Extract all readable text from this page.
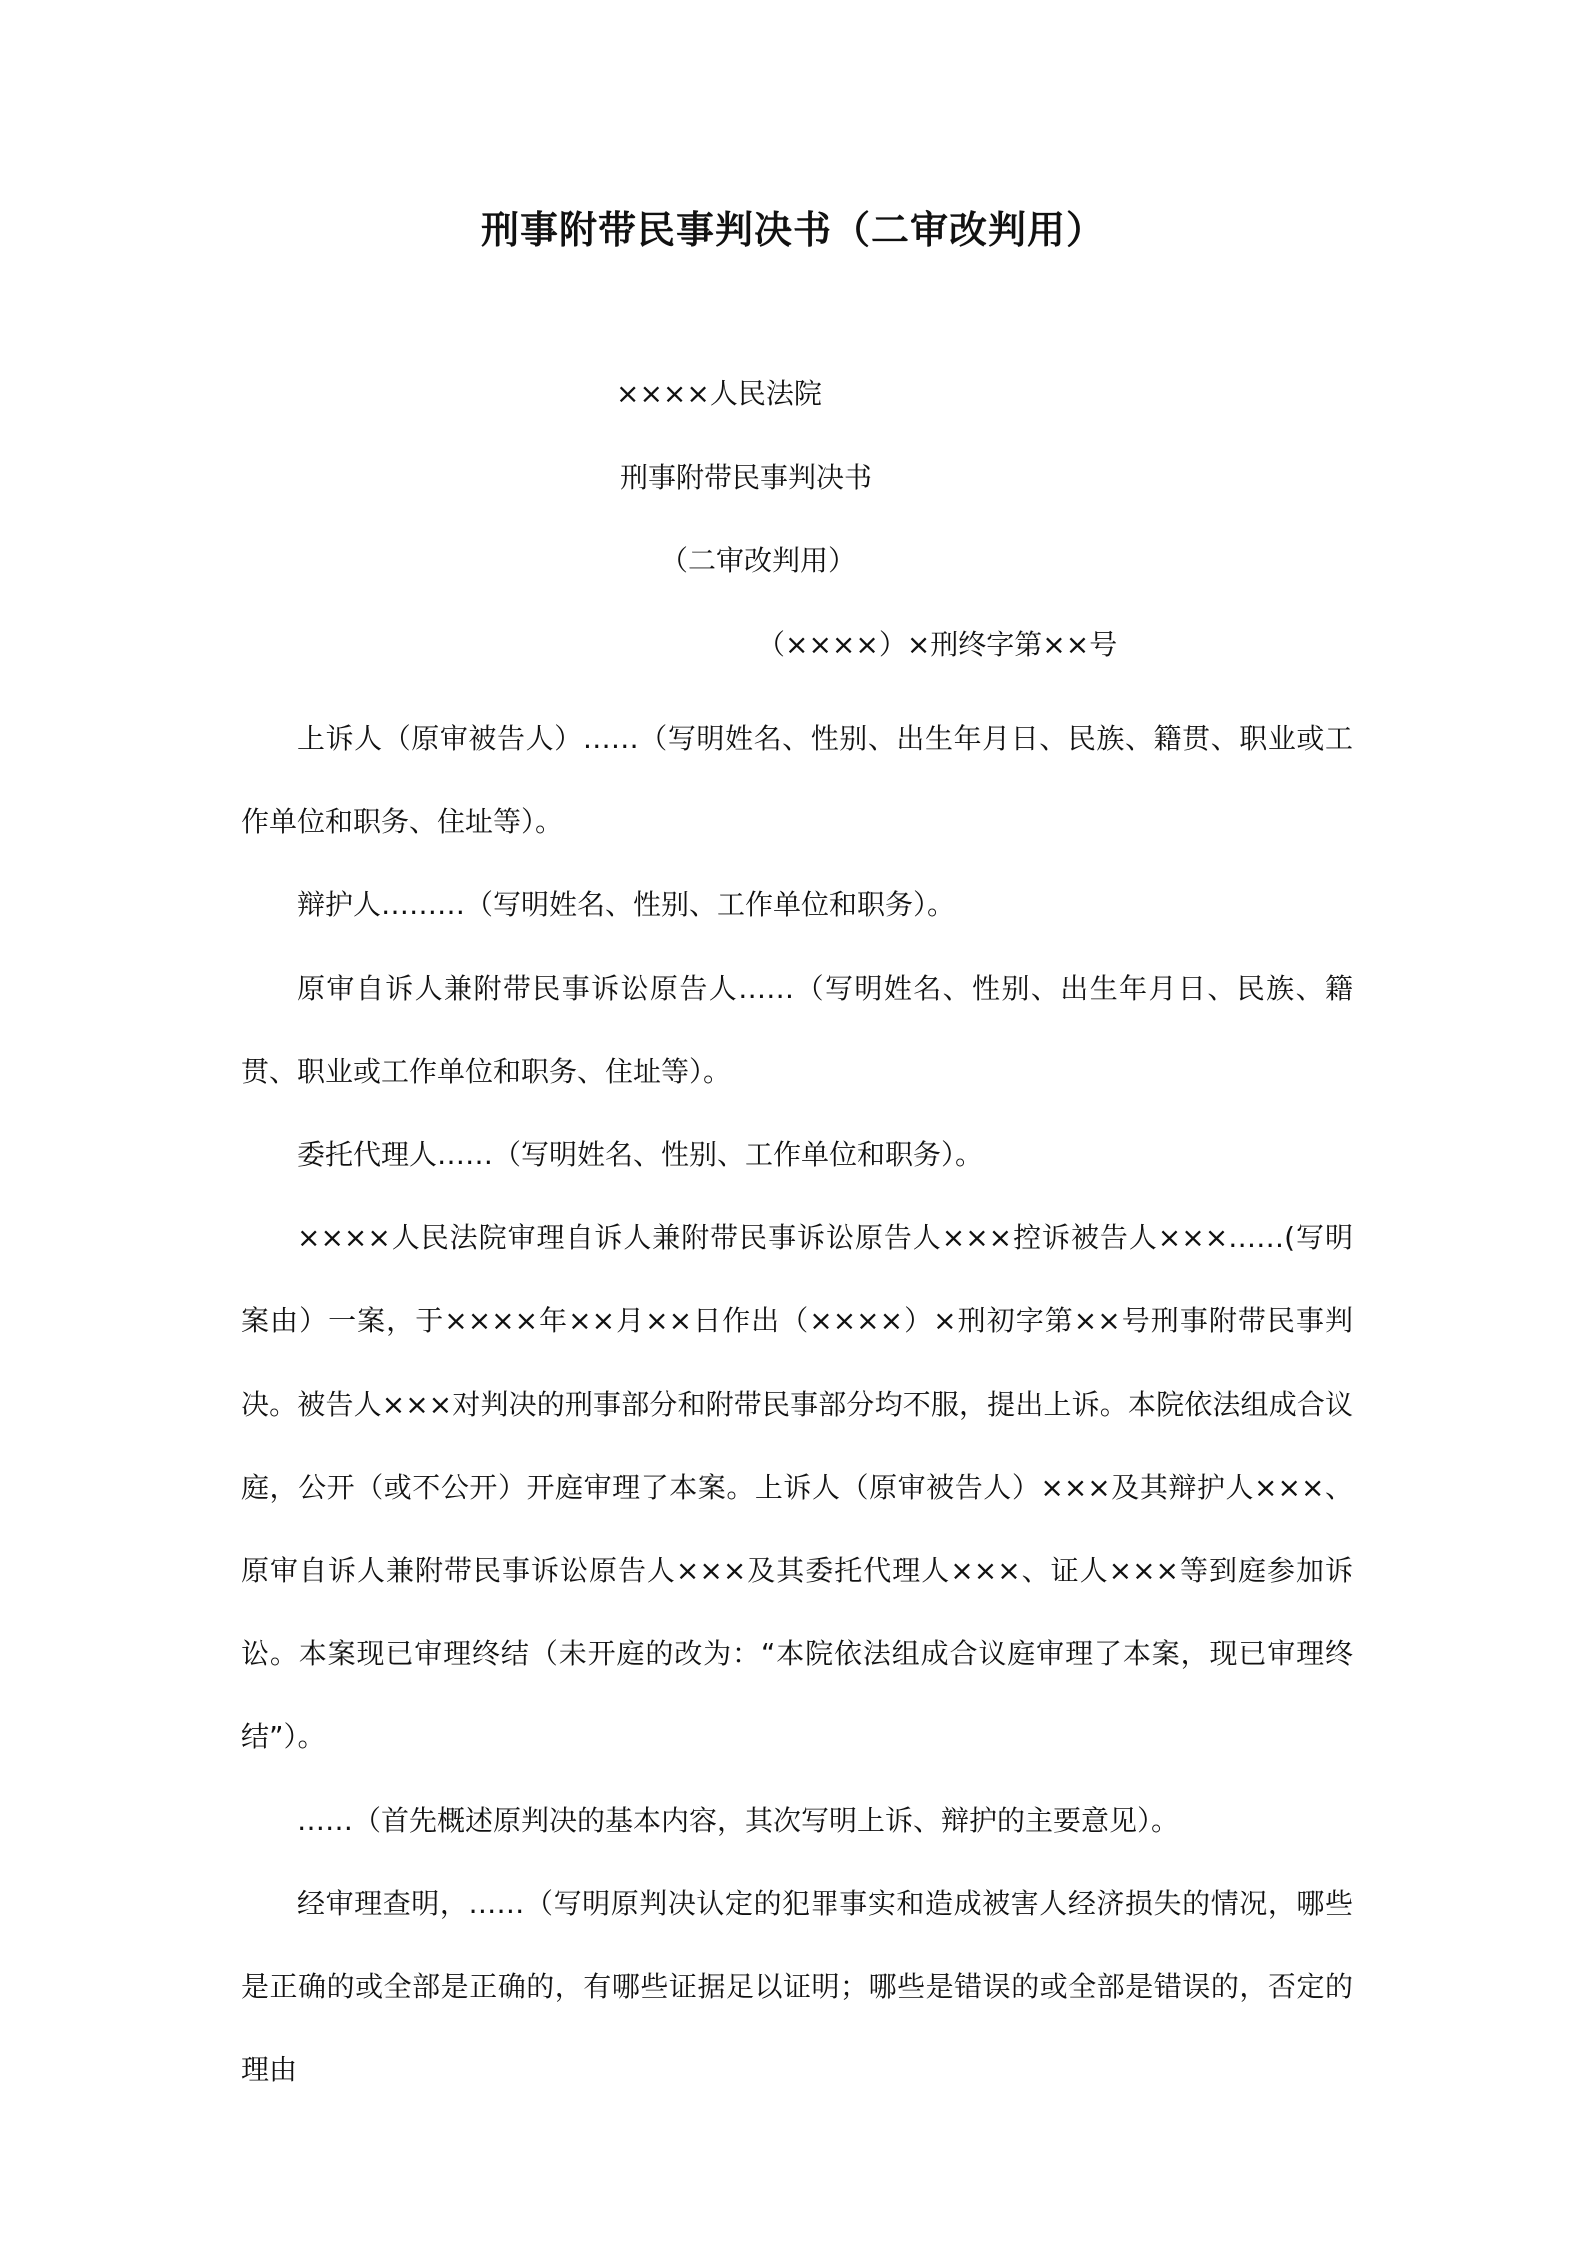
刑事附带民事判决书（二审改判用）
××××人民法院
刑事附带民事判决书
（二审改判用）
（××××）×刑终字第××号

上诉人（原审被告人）……（写明姓名、性别、出生年月日、民族、籍贯、职业或工作单位和职务、住址等）。

辩护人………（写明姓名、性别、工作单位和职务）。

原审自诉人兼附带民事诉讼原告人……（写明姓名、性别、出生年月日、民族、籍贯、职业或工作单位和职务、住址等）。

委托代理人……（写明姓名、性别、工作单位和职务）。

××××人民法院审理自诉人兼附带民事诉讼原告人×××控诉被告人×××……(写明案由）一案，于××××年××月××日作出（××××）×刑初字第××号刑事附带民事判决。被告人×××对判决的刑事部分和附带民事部分均不服，提出上诉。本院依法组成合议庭，公开（或不公开）开庭审理了本案。上诉人（原审被告人）×××及其辩护人×××、原审自诉人兼附带民事诉讼原告人×××及其委托代理人×××、证人×××等到庭参加诉讼。本案现已审理终结（未开庭的改为：“本院依法组成合议庭审理了本案，现已审理终结”）。

……（首先概述原判决的基本内容，其次写明上诉、辩护的主要意见）。

经审理查明，……（写明原判决认定的犯罪事实和造成被害人经济损失的情况，哪些是正确的或全部是正确的，有哪些证据足以证明；哪些是错误的或全部是错误的，否定的理由
